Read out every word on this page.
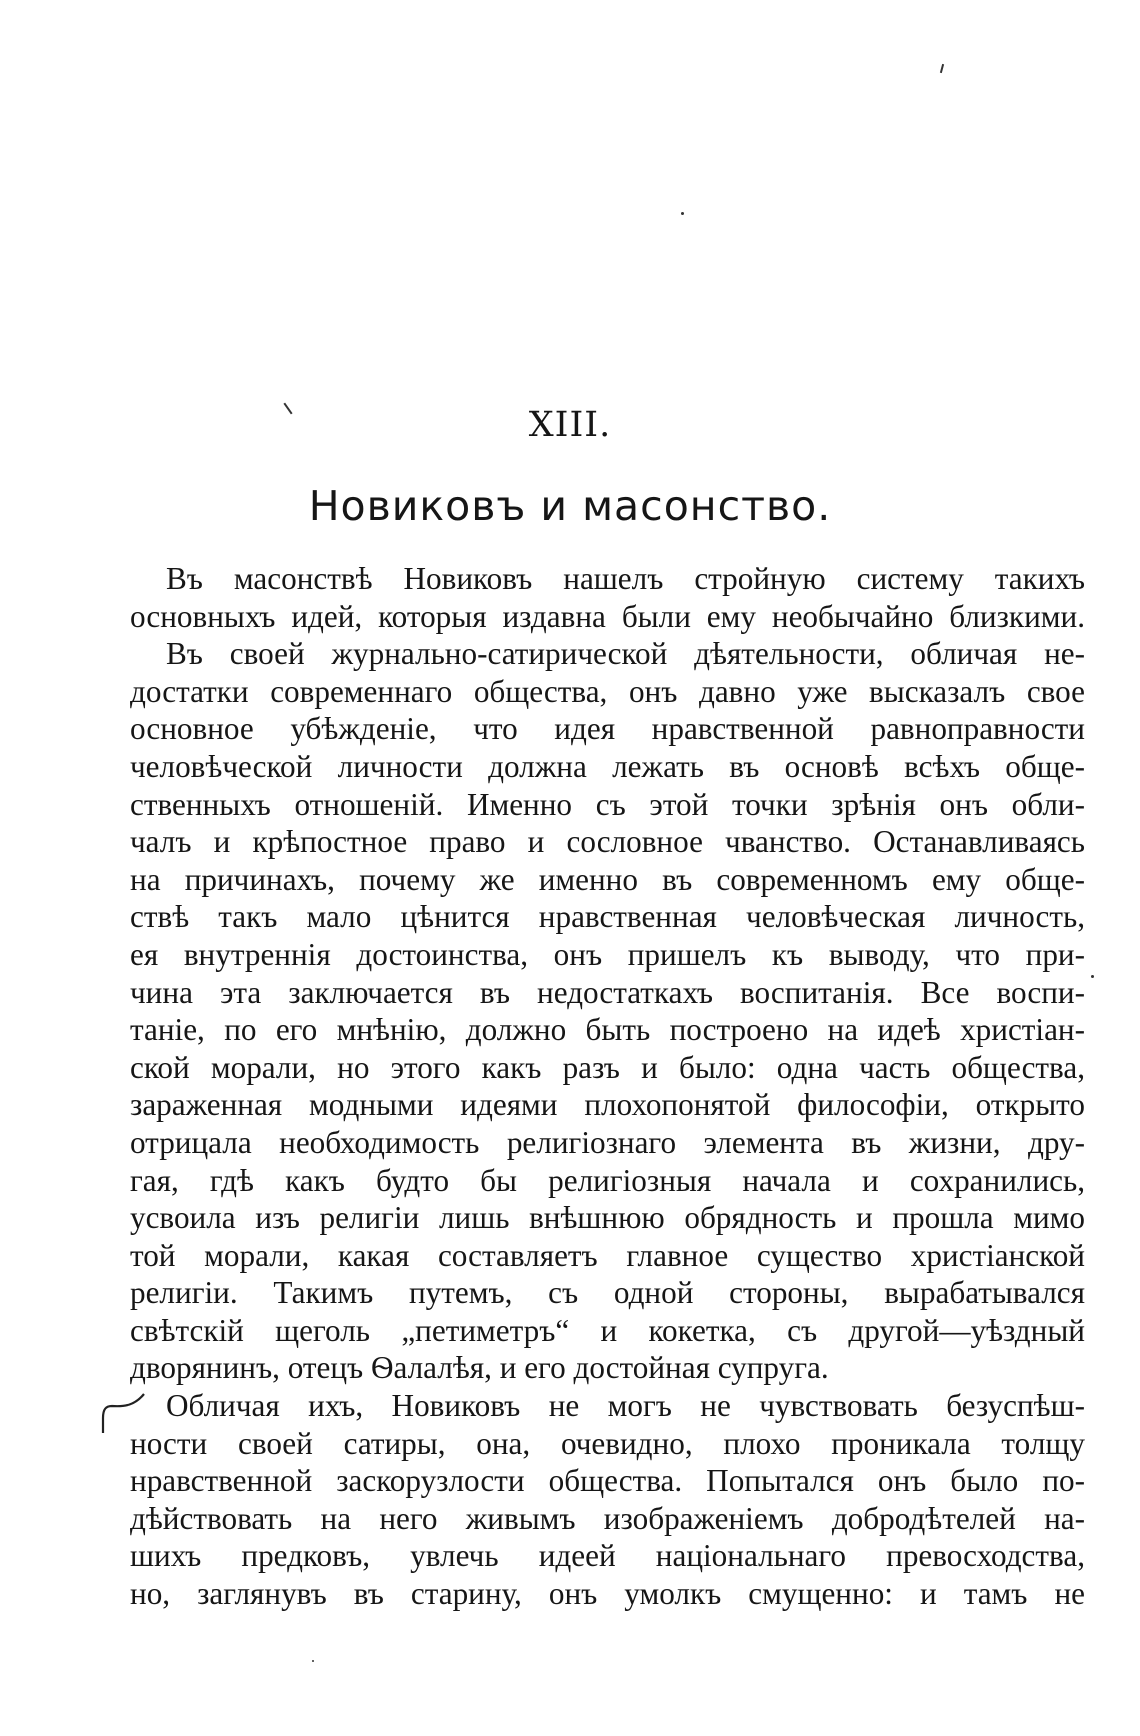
XIII.
Новиковъ и масонство.
Въ масонствѣ Новиковъ нашелъ стройную систему такихъ
основныхъ идей, которыя издавна были ему необычайно близкими.
Въ своей журнально-сатирической дѣятельности, обличая не-
достатки современнаго общества, онъ давно уже высказалъ свое
основное убѣжденіе, что идея нравственной равноправности
человѣческой личности должна лежать въ основѣ всѣхъ обще-
ственныхъ отношеній. Именно съ этой точки зрѣнія онъ обли-
чалъ и крѣпостное право и сословное чванство. Останавливаясь
на причинахъ, почему же именно въ современномъ ему обще-
ствѣ такъ мало цѣнится нравственная человѣческая личность,
ея внутреннія достоинства, онъ пришелъ къ выводу, что при-
чина эта заключается въ недостаткахъ воспитанія. Все воспи-
таніе, по его мнѣнію, должно быть построено на идеѣ христіан-
ской морали, но этого какъ разъ и было: одна часть общества,
зараженная модными идеями плохопонятой философіи, открыто
отрицала необходимость религіознаго элемента въ жизни, дру-
гая, гдѣ какъ будто бы религіозныя начала и сохранились,
усвоила изъ религіи лишь внѣшнюю обрядность и прошла мимо
той морали, какая составляетъ главное существо христіанской
религіи. Такимъ путемъ, съ одной стороны, вырабатывался
свѣтскій щеголь „петиметръ“ и кокетка, съ другой—уѣздный
дворянинъ, отецъ Ѳалалѣя, и его достойная супруга.
Обличая ихъ, Новиковъ не могъ не чувствовать безуспѣш-
ности своей сатиры, она, очевидно, плохо проникала толщу
нравственной заскорузлости общества. Попытался онъ было по-
дѣйствовать на него живымъ изображеніемъ добродѣтелей на-
шихъ предковъ, увлечь идеей національнаго превосходства,
но, заглянувъ въ старину, онъ умолкъ смущенно: и тамъ не
